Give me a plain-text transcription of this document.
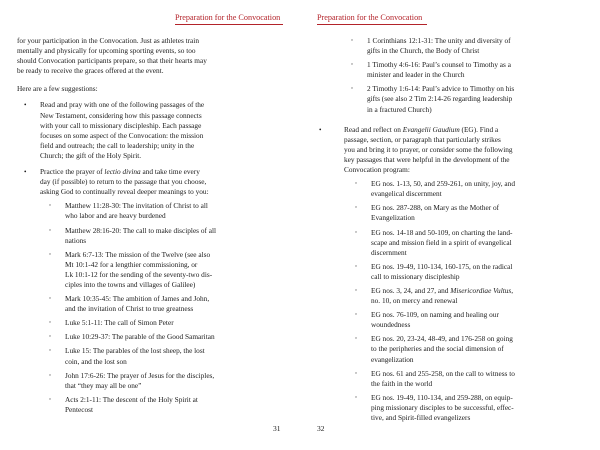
Preparation for the Convocation

for your participation in the Convocation. Just as athletes train
mentally and physically for upcoming sporting events, so too
should Convocation participants prepare, so that their hearts may
be ready to receive the graces offered at the event.

Here are a few suggestions:

• Read and pray with one of the following passages of the
New Testament, considering how this passage connects
with your call to missionary discipleship. Each passage
focuses on some aspect of the Convocation: the mission
field and outreach; the call to leadership; unity in the
Church; the gift of the Holy Spirit.
• Practice the prayer of lectio divina and take time every
day (if possible) to return to the passage that you choose,
asking God to continually reveal deeper meanings to you:
◦ Matthew 11:28-30: The invitation of Christ to all
who labor and are heavy burdened
◦ Matthew 28:16-20: The call to make disciples of all
nations
◦ Mark 6:7-13: The mission of the Twelve (see also
Mt 10:1-42 for a lengthier commissioning, or
Lk 10:1-12 for the sending of the seventy-two dis-
ciples into the towns and villages of Galilee)
◦ Mark 10:35-45: The ambition of James and John,
and the invitation of Christ to true greatness
◦ Luke 5:1-11: The call of Simon Peter
◦ Luke 10:29-37: The parable of the Good Samaritan
◦ Luke 15: The parables of the lost sheep, the lost
coin, and the lost son
◦ John 17:6-26: The prayer of Jesus for the disciples,
that “they may all be one”
◦ Acts 2:1-11: The descent of the Holy Spirit at
Pentecost
31
Preparation for the Convocation
◦ 1 Corinthians 12:1-31: The unity and diversity of
gifts in the Church, the Body of Christ
◦ 1 Timothy 4:6-16: Paul’s counsel to Timothy as a
minister and leader in the Church
◦ 2 Timothy 1:6-14: Paul’s advice to Timothy on his
gifts (see also 2 Tim 2:14-26 regarding leadership
in a fractured Church)
•	Read and reflect on Evangelii Gaudium (EG). Find a
passage, section, or paragraph that particularly strikes
you and bring it to prayer, or consider some the following
key passages that were helpful in the development of the
Convocation program:
◦ EG nos. 1-13, 50, and 259-261, on unity, joy, and
evangelical discernment
◦ EG nos. 287-288, on Mary as the Mother of
Evangelization
◦ EG nos. 14-18 and 50-109, on charting the land-
scape and mission field in a spirit of evangelical
discernment
◦ EG nos. 19-49, 110-134, 160-175, on the radical
call to missionary discipleship
◦ EG nos. 3, 24, and 27, and Misericordiae Vultus,
no. 10, on mercy and renewal
◦ EG nos. 76-109, on naming and healing our
woundedness
◦ EG nos. 20, 23-24, 48-49, and 176-258 on going
to the peripheries and the social dimension of
evangelization
◦ EG nos. 61 and 255-258, on the call to witness to
the faith in the world
◦ EG nos. 19-49, 110-134, and 259-288, on equip-
ping missionary disciples to be successful, effec-
tive, and Spirit-filled evangelizers
32
